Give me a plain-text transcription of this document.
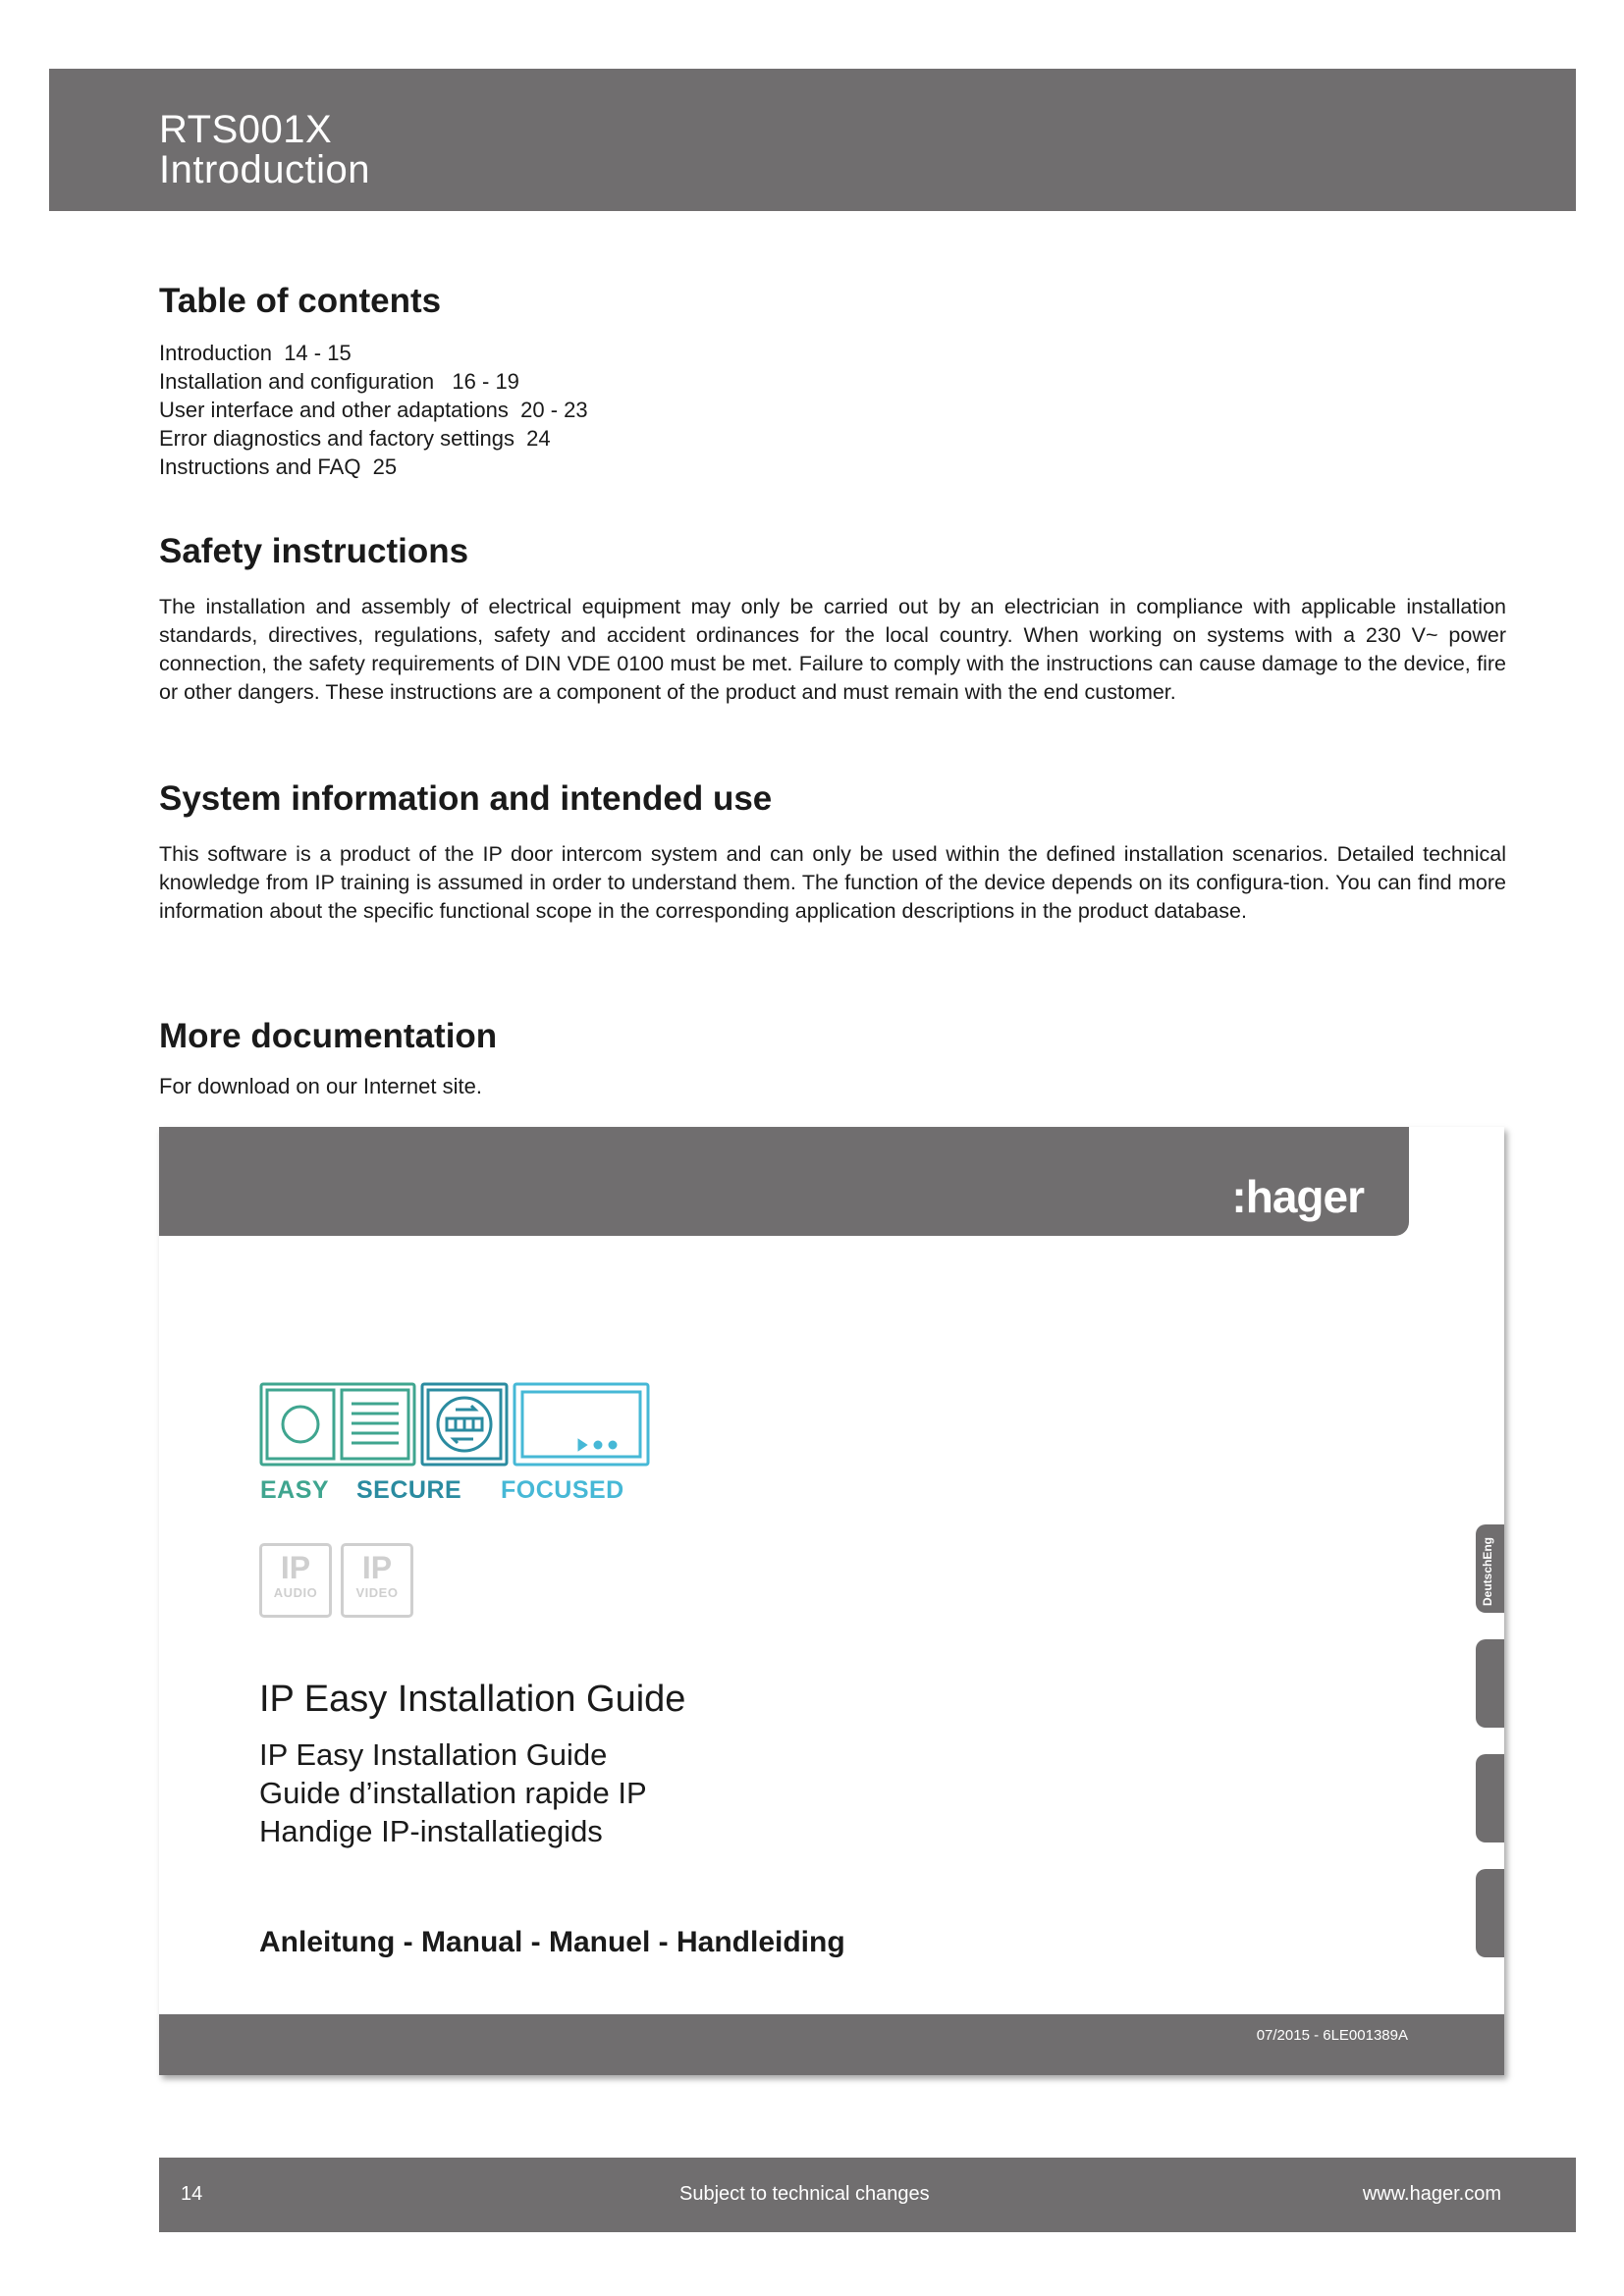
RTS001X
Introduction
Table of contents
Introduction  14 - 15
Installation and configuration   16 - 19
User interface and other adaptations  20 - 23
Error diagnostics and factory settings  24
Instructions and FAQ  25
Safety instructions
The installation and assembly of electrical equipment may only be carried out by an electrician in compliance with applicable installation standards, directives, regulations, safety and accident ordinances for the local country. When working on systems with a 230 V~ power connection, the safety requirements of DIN VDE 0100 must be met. Failure to comply with the instructions can cause damage to the device, fire or other dangers. These instructions are a component of the product and must remain with the end customer.
System information and intended use
This software is a product of the IP door intercom system and can only be used within the defined installation scenarios. Detailed technical knowledge from IP training is assumed in order to understand them. The function of the device depends on its configura-tion. You can find more information about the specific functional scope in the corresponding application descriptions in the product database.
More documentation
For download on our Internet site.
:hager
EASY SECURE FOCUSED
IP
AUDIO
IP
VIDEO
IP Easy Installation Guide
IP Easy Installation Guide
Guide d’installation rapide IP
Handige IP-installatiegids
Anleitung - Manual - Manuel - Handleiding
DeutschEng
07/2015 - 6LE001389A
14	Subject to technical changes	www.hager.com
